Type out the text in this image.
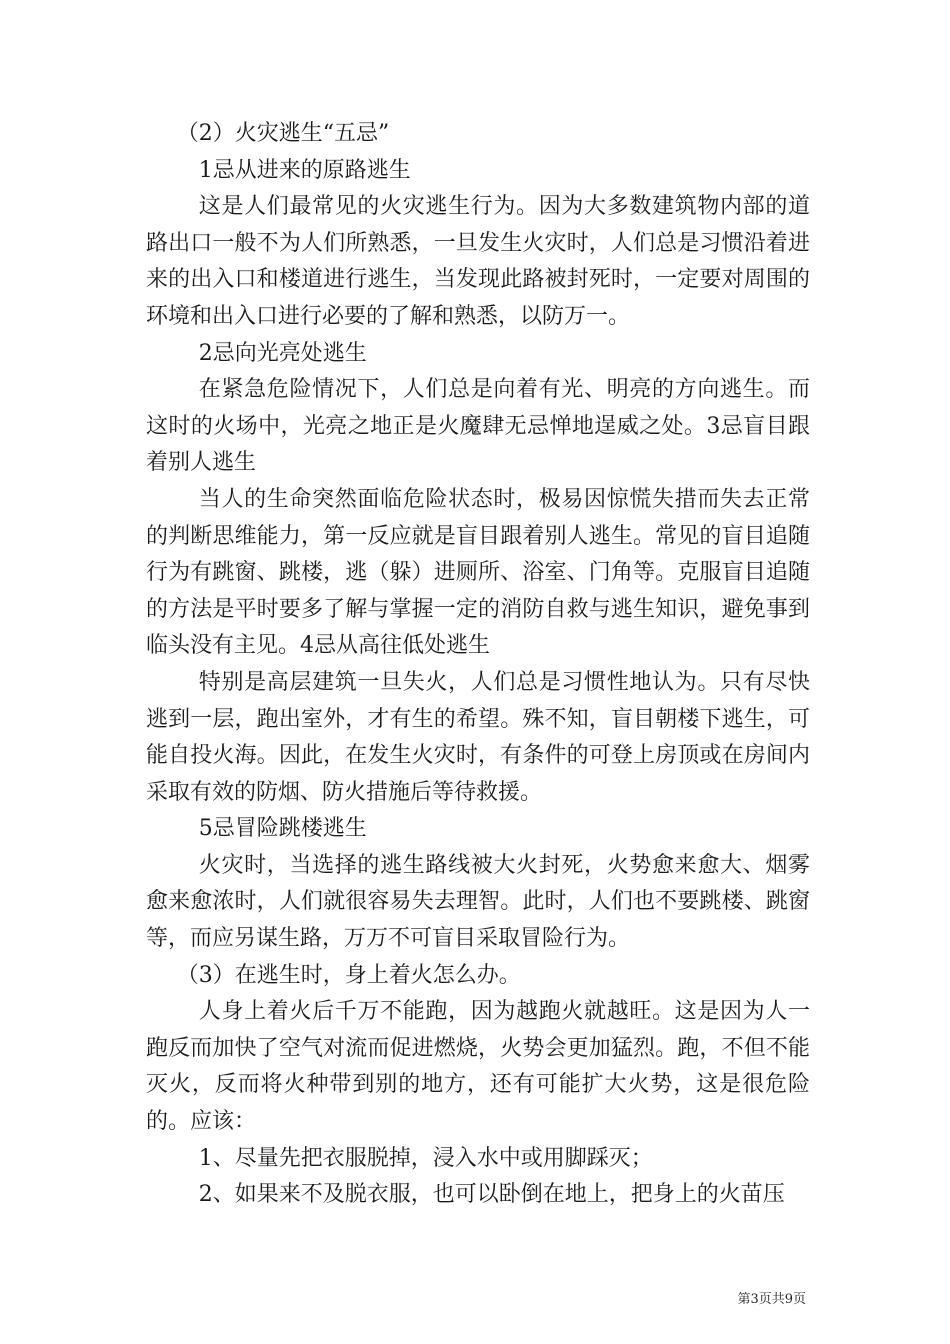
（2）火灾逃生“五忌”

1忌从进来的原路逃生

这是人们最常见的火灾逃生行为。因为大多数建筑物内部的道路出口一般不为人们所熟悉，一旦发生火灾时，人们总是习惯沿着进来的出入口和楼道进行逃生，当发现此路被封死时，一定要对周围的环境和出入口进行必要的了解和熟悉，以防万一。

2忌向光亮处逃生

在紧急危险情况下，人们总是向着有光、明亮的方向逃生。而这时的火场中，光亮之地正是火魔肆无忌惮地逞威之处。3忌盲目跟着别人逃生

当人的生命突然面临危险状态时，极易因惊慌失措而失去正常的判断思维能力，第一反应就是盲目跟着别人逃生。常见的盲目追随行为有跳窗、跳楼，逃（躲）进厕所、浴室、门角等。克服盲目追随的方法是平时要多了解与掌握一定的消防自救与逃生知识，避免事到临头没有主见。4忌从高往低处逃生

特别是高层建筑一旦失火，人们总是习惯性地认为。只有尽快逃到一层，跑出室外，才有生的希望。殊不知，盲目朝楼下逃生，可能自投火海。因此，在发生火灾时，有条件的可登上房顶或在房间内采取有效的防烟、防火措施后等待救援。

5忌冒险跳楼逃生

火灾时，当选择的逃生路线被大火封死，火势愈来愈大、烟雾愈来愈浓时，人们就很容易失去理智。此时，人们也不要跳楼、跳窗等，而应另谋生路，万万不可盲目采取冒险行为。

（3）在逃生时，身上着火怎么办。

人身上着火后千万不能跑，因为越跑火就越旺。这是因为人一跑反而加快了空气对流而促进燃烧，火势会更加猛烈。跑，不但不能灭火，反而将火种带到别的地方，还有可能扩大火势，这是很危险的。应该：

1、尽量先把衣服脱掉，浸入水中或用脚踩灭；

2、如果来不及脱衣服，也可以卧倒在地上，把身上的火苗压

第3页共9页
